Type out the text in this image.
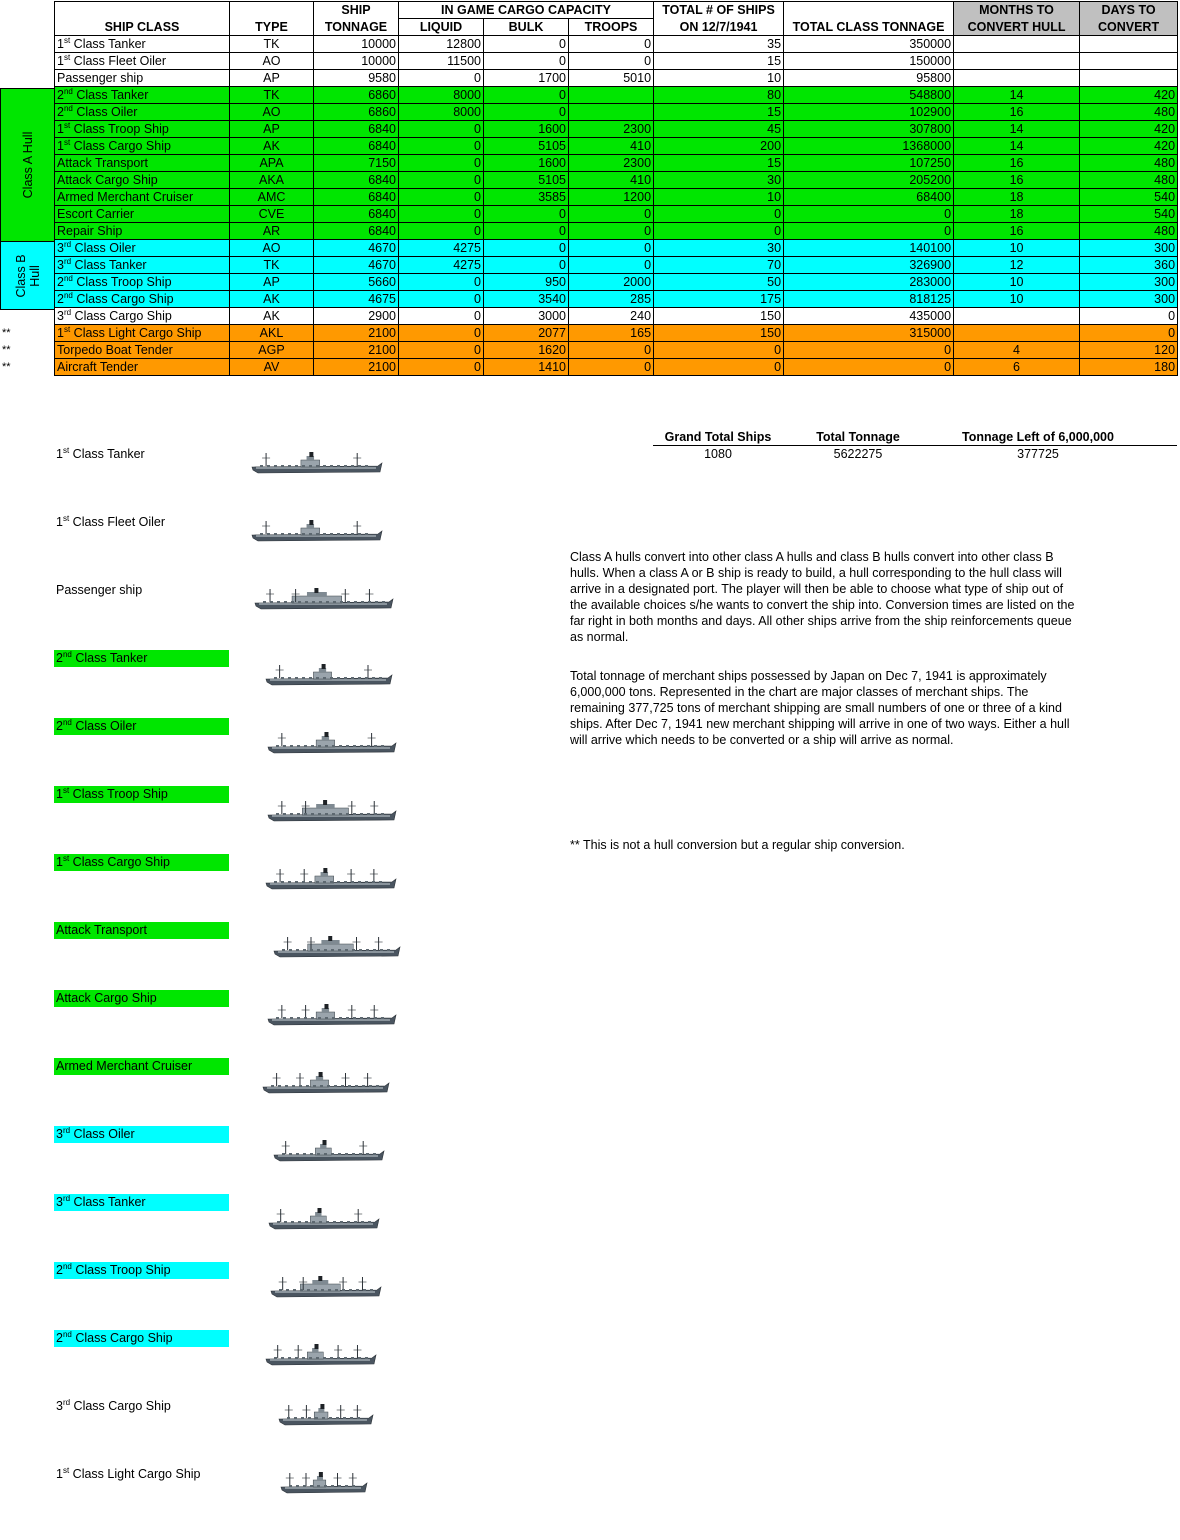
		SHIP	IN GAME CARGO CAPACITY			TOTAL # OF SHIPS		MONTHS TO	DAYS TO
SHIP CLASS	TYPE	TONNAGE	LIQUID	BULK	TROOPS	ON 12/7/1941	TOTAL CLASS TONNAGE	CONVERT HULL	CONVERT
1st Class Tanker	TK	10000	12800	0	0	35	350000		
1st Class Fleet Oiler	AO	10000	11500	0	0	15	150000		
Passenger ship	AP	9580	0	1700	5010	10	95800		
2nd Class Tanker	TK	6860	8000	0		80	548800	14	420
2nd Class Oiler	AO	6860	8000	0		15	102900	16	480
1st Class Troop Ship	AP	6840	0	1600	2300	45	307800	14	420
1st Class Cargo Ship	AK	6840	0	5105	410	200	1368000	14	420
Attack Transport	APA	7150	0	1600	2300	15	107250	16	480
Attack Cargo Ship	AKA	6840	0	5105	410	30	205200	16	480
Armed Merchant Cruiser	AMC	6840	0	3585	1200	10	68400	18	540
Escort Carrier	CVE	6840	0	0	0	0	0	18	540
Repair Ship	AR	6840	0	0	0	0	0	16	480
3rd Class Oiler	AO	4670	4275	0	0	30	140100	10	300
3rd Class Tanker	TK	4670	4275	0	0	70	326900	12	360
2nd Class Troop Ship	AP	5660	0	950	2000	50	283000	10	300
2nd Class Cargo Ship	AK	4675	0	3540	285	175	818125	10	300
3rd Class Cargo Ship	AK	2900	0	3000	240	150	435000		0
1st Class Light Cargo Ship	AKL	2100	0	2077	165	150	315000		0
Torpedo Boat Tender	AGP	2100	0	1620	0	0	0	4	120
Aircraft Tender	AV	2100	0	1410	0	0	0	6	180
Class A Hull
Class B
Hull
**
**
**
Grand Total Ships	Total Tonnage	Tonnage Left of 6,000,000
1080	5622275	377725
Class A hulls convert into other class A hulls and class B hulls convert into other class B hulls. When a class A or B ship is ready to build, a hull corresponding to the hull class will arrive in a designated port. The player will then be able to choose what type of ship out of the available choices s/he wants to convert the ship into. Conversion times are listed on the far right in both months and days. All other ships arrive from the ship reinforcements queue as normal.
Total tonnage of merchant ships possessed by Japan on Dec 7, 1941 is approximately 6,000,000 tons. Represented in the chart are major classes of merchant ships. The remaining 377,725 tons of merchant shipping are small numbers of one or three of a kind ships. After Dec 7, 1941 new merchant shipping will arrive in one of two ways. Either a hull will arrive which needs to be converted or a ship will arrive as normal.
** This is not a hull conversion but a regular ship conversion.
1st Class Tanker
1st Class Fleet Oiler
Passenger ship
2nd Class Tanker
2nd Class Oiler
1st Class Troop Ship
1st Class Cargo Ship
Attack Transport
Attack Cargo Ship
Armed Merchant Cruiser
3rd Class Oiler
3rd Class Tanker
2nd Class Troop Ship
2nd Class Cargo Ship
3rd Class Cargo Ship
1st Class Light Cargo Ship
